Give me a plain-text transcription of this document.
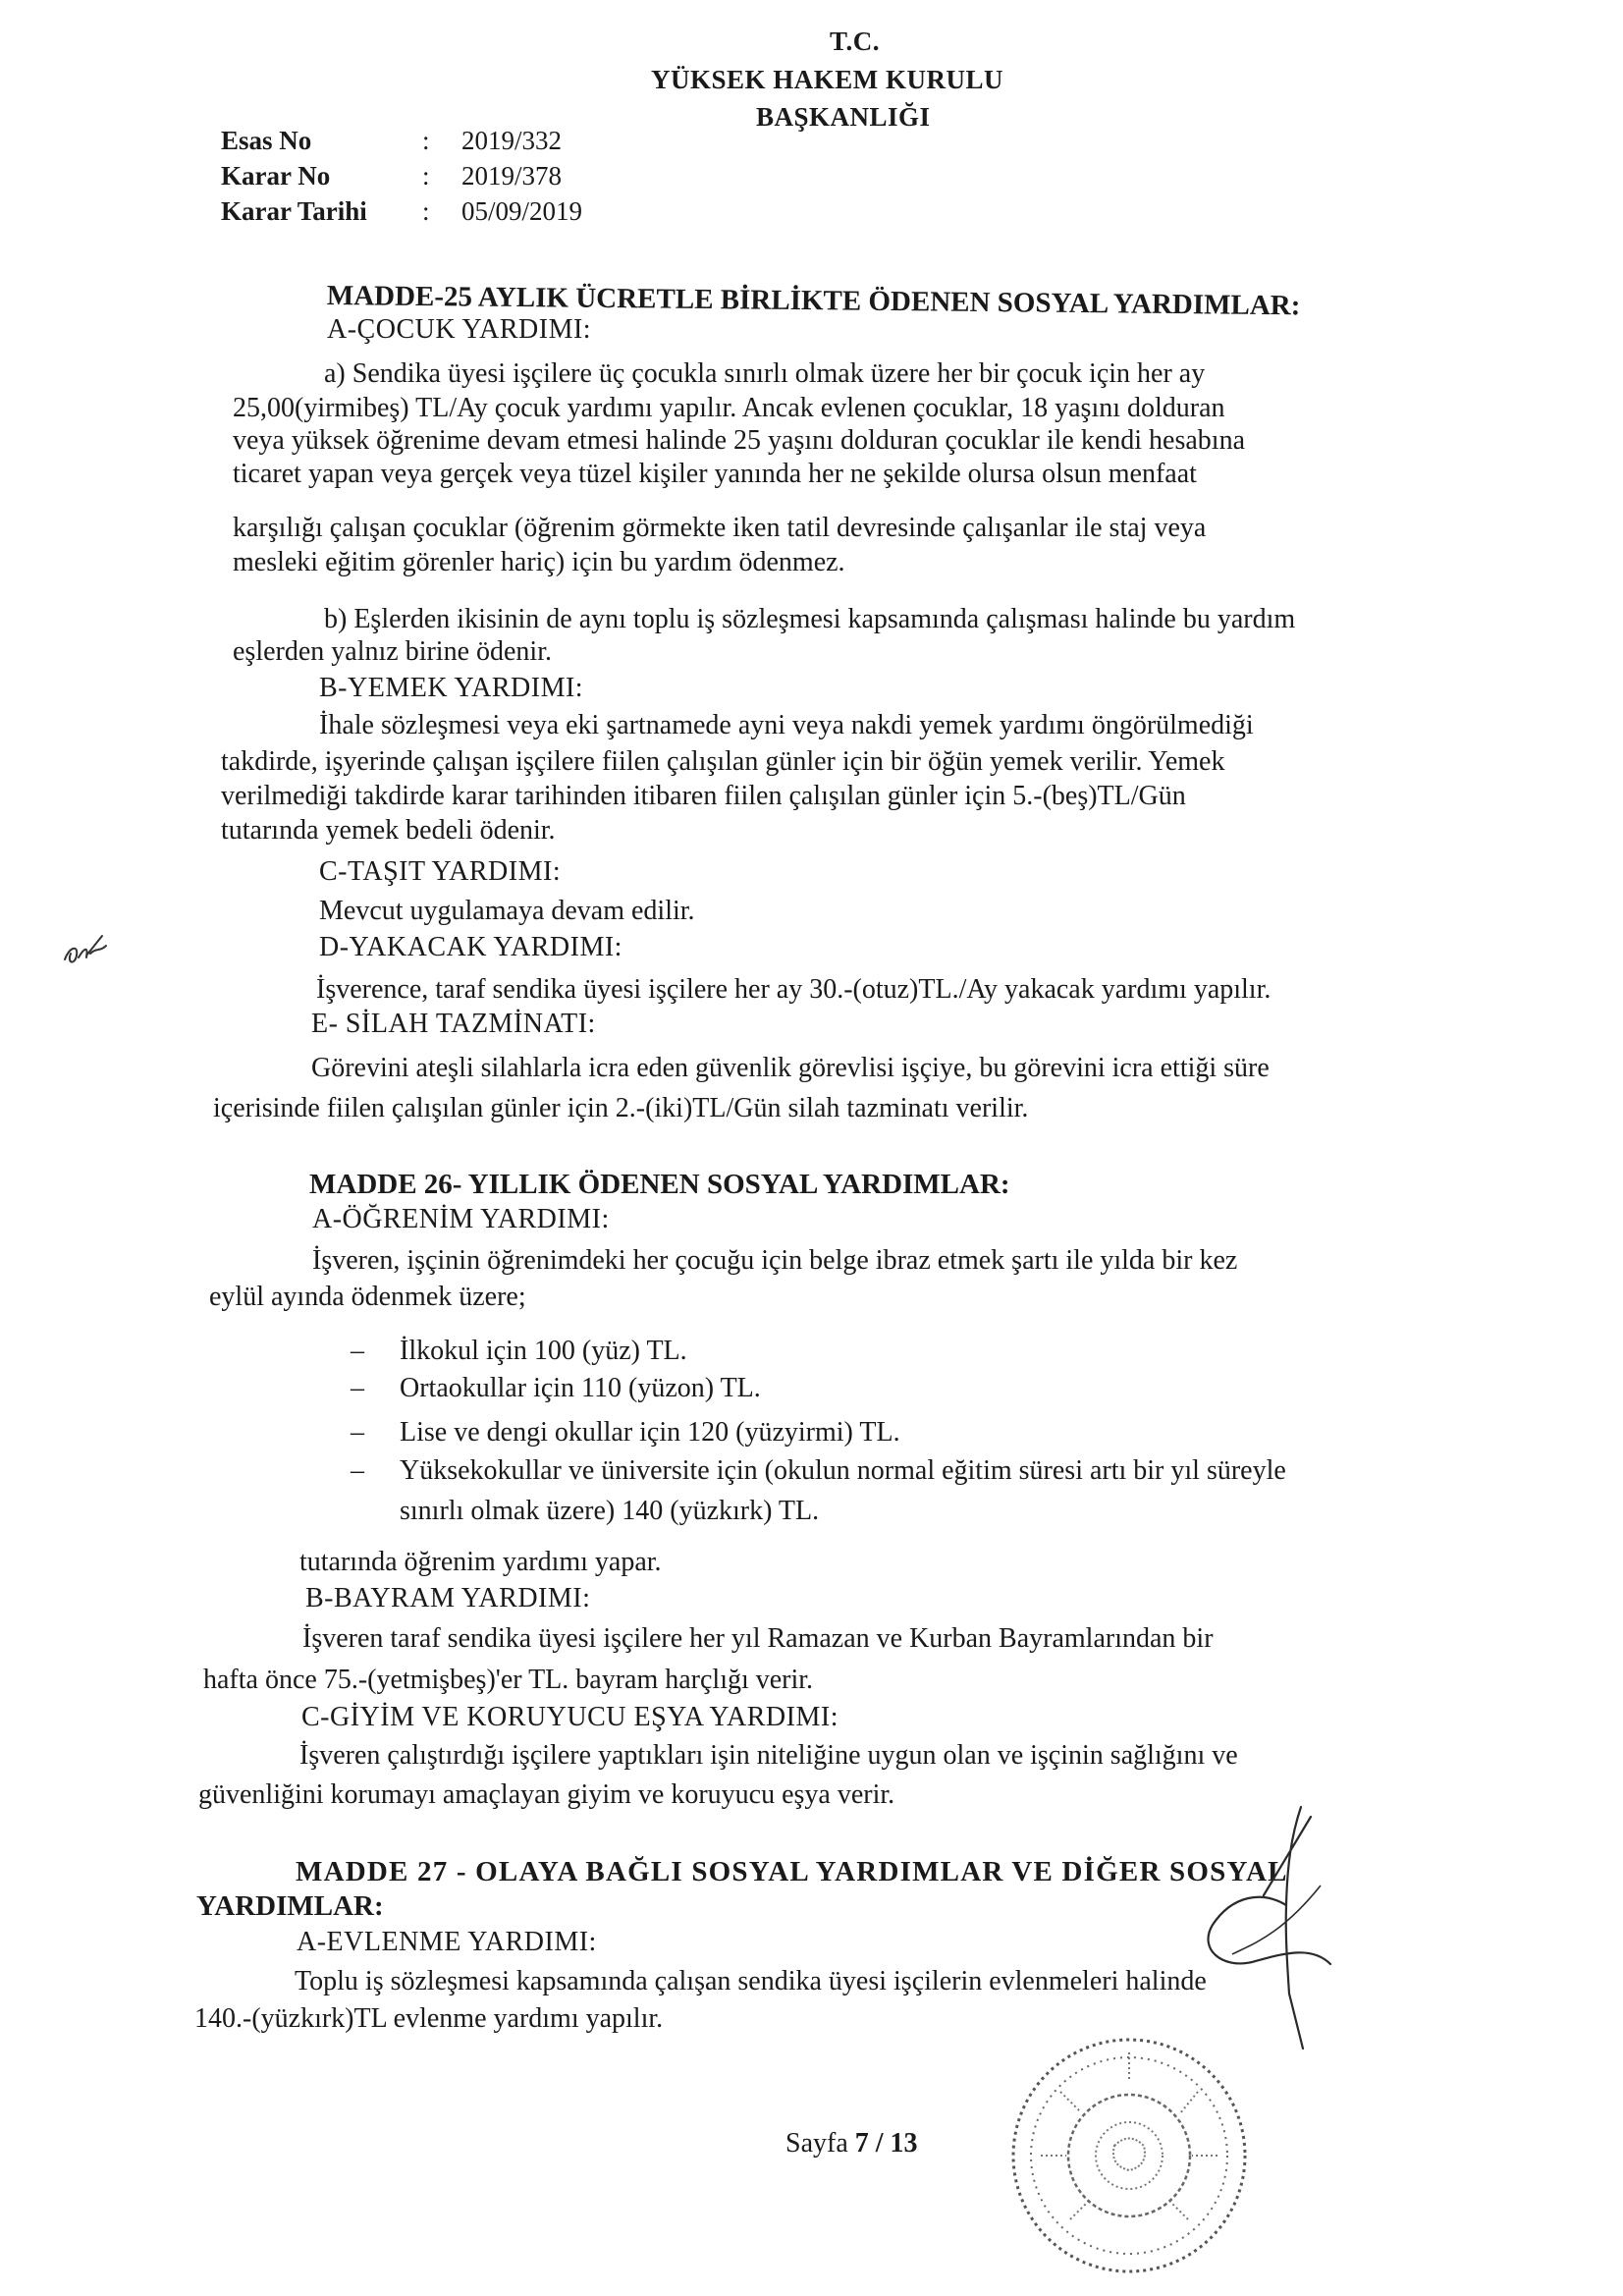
T.C.
YÜKSEK HAKEM KURULU
BAŞKANLIĞI
Esas No	: 2019/332
Karar No	: 2019/378
Karar Tarihi : 05/09/2019
MADDE-25 AYLIK ÜCRETLE BİRLİKTE ÖDENEN SOSYAL YARDIMLAR:
A-ÇOCUK YARDIMI:
a) Sendika üyesi işçilere üç çocukla sınırlı olmak üzere her bir çocuk için her ay
25,00(yirmibeş) TL/Ay çocuk yardımı yapılır. Ancak evlenen çocuklar, 18 yaşını dolduran
veya yüksek öğrenime devam etmesi halinde 25 yaşını dolduran çocuklar ile kendi hesabına
ticaret yapan veya gerçek veya tüzel kişiler yanında her ne şekilde olursa olsun menfaat
karşılığı çalışan çocuklar (öğrenim görmekte iken tatil devresinde çalışanlar ile staj veya
mesleki eğitim görenler hariç) için bu yardım ödenmez.
b) Eşlerden ikisinin de aynı toplu iş sözleşmesi kapsamında çalışması halinde bu yardım
eşlerden yalnız birine ödenir.
B-YEMEK YARDIMI:
İhale sözleşmesi veya eki şartnamede ayni veya nakdi yemek yardımı öngörülmediği
takdirde, işyerinde çalışan işçilere fiilen çalışılan günler için bir öğün yemek verilir. Yemek
verilmediği takdirde karar tarihinden itibaren fiilen çalışılan günler için 5.-(beş)TL/Gün
tutarında yemek bedeli ödenir.
C-TAŞIT YARDIMI:
Mevcut uygulamaya devam edilir.
D-YAKACAK YARDIMI:
İşverence, taraf sendika üyesi işçilere her ay 30.-(otuz)TL./Ay yakacak yardımı yapılır.
E- SİLAH TAZMİNATI:
Görevini ateşli silahlarla icra eden güvenlik görevlisi işçiye, bu görevini icra ettiği süre
içerisinde fiilen çalışılan günler için 2.-(iki)TL/Gün silah tazminatı verilir.
MADDE 26- YILLIK ÖDENEN SOSYAL YARDIMLAR:
A-ÖĞRENİM YARDIMI:
İşveren, işçinin öğrenimdeki her çocuğu için belge ibraz etmek şartı ile yılda bir kez
eylül ayında ödenmek üzere;
– İlkokul için 100 (yüz) TL.
– Ortaokullar için 110 (yüzon) TL.
– Lise ve dengi okullar için 120 (yüzyirmi) TL.
– Yüksekokullar ve üniversite için (okulun normal eğitim süresi artı bir yıl süreyle
sınırlı olmak üzere) 140 (yüzkırk) TL.
tutarında öğrenim yardımı yapar.
B-BAYRAM YARDIMI:
İşveren taraf sendika üyesi işçilere her yıl Ramazan ve Kurban Bayramlarından bir
hafta önce 75.-(yetmişbeş)'er TL. bayram harçlığı verir.
C-GİYİM VE KORUYUCU EŞYA YARDIMI:
İşveren çalıştırdığı işçilere yaptıkları işin niteliğine uygun olan ve işçinin sağlığını ve
güvenliğini korumayı amaçlayan giyim ve koruyucu eşya verir.
MADDE 27 - OLAYA BAĞLI SOSYAL YARDIMLAR VE DİĞER SOSYAL
YARDIMLAR:
A-EVLENME YARDIMI:
Toplu iş sözleşmesi kapsamında çalışan sendika üyesi işçilerin evlenmeleri halinde
140.-(yüzkırk)TL evlenme yardımı yapılır.
Sayfa 7 / 13
